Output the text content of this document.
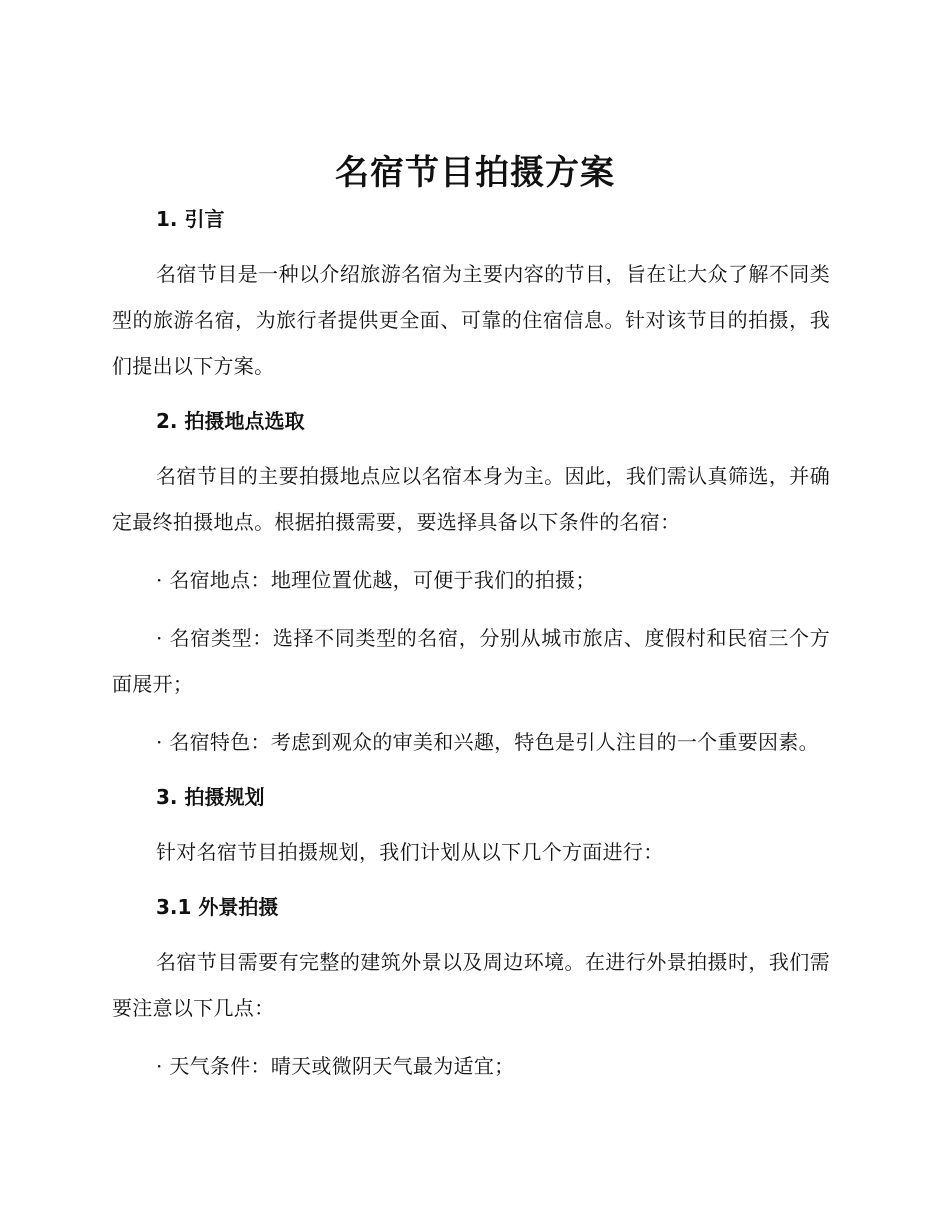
名宿节目拍摄方案
1. 引言
名宿节目是一种以介绍旅游名宿为主要内容的节目，旨在让大众了解不同类型的旅游名宿，为旅行者提供更全面、可靠的住宿信息。针对该节目的拍摄，我们提出以下方案。
2. 拍摄地点选取
名宿节目的主要拍摄地点应以名宿本身为主。因此，我们需认真筛选，并确定最终拍摄地点。根据拍摄需要，要选择具备以下条件的名宿：
· 名宿地点：地理位置优越，可便于我们的拍摄；
· 名宿类型：选择不同类型的名宿，分别从城市旅店、度假村和民宿三个方面展开；
· 名宿特色：考虑到观众的审美和兴趣，特色是引人注目的一个重要因素。
3. 拍摄规划
针对名宿节目拍摄规划，我们计划从以下几个方面进行：
3.1 外景拍摄
名宿节目需要有完整的建筑外景以及周边环境。在进行外景拍摄时，我们需要注意以下几点：
· 天气条件：晴天或微阴天气最为适宜；
